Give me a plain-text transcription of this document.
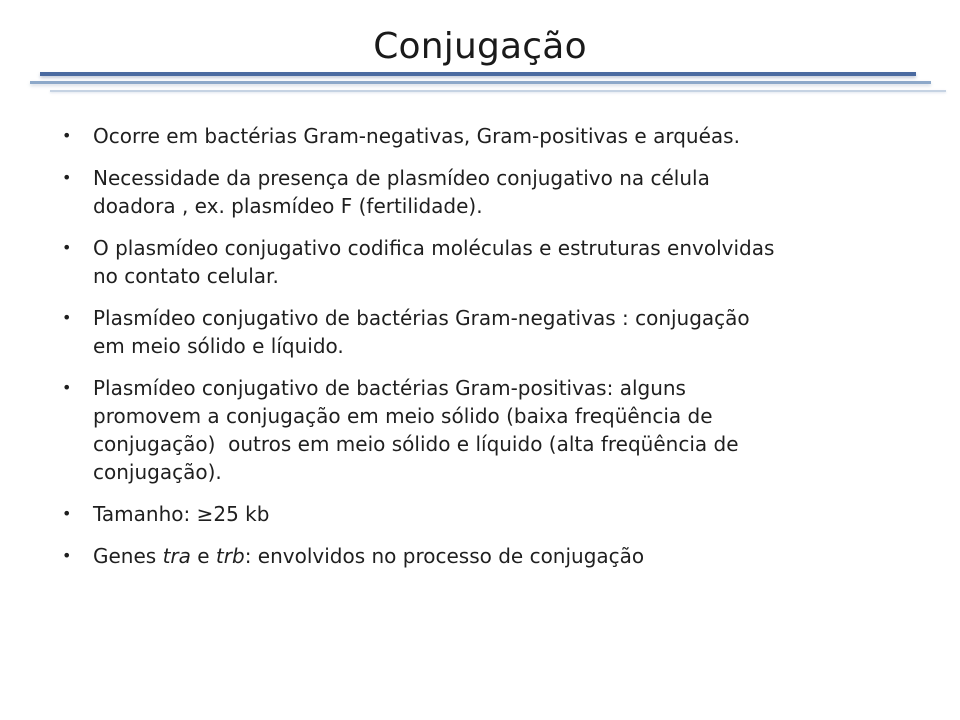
Conjugação
• Ocorre em bactérias Gram-negativas, Gram-positivas e arquéas.
• Necessidade da presença de plasmídeo conjugativo na célula
doadora , ex. plasmídeo F (fertilidade).
• O plasmídeo conjugativo codifica moléculas e estruturas envolvidas
no contato celular.
• Plasmídeo conjugativo de bactérias Gram-negativas : conjugação
em meio sólido e líquido.
• Plasmídeo conjugativo de bactérias Gram-positivas: alguns
promovem a conjugação em meio sólido (baixa freqüência de
conjugação)  outros em meio sólido e líquido (alta freqüência de
conjugação).
• Tamanho: ≥25 kb
• Genes tra e trb: envolvidos no processo de conjugação
